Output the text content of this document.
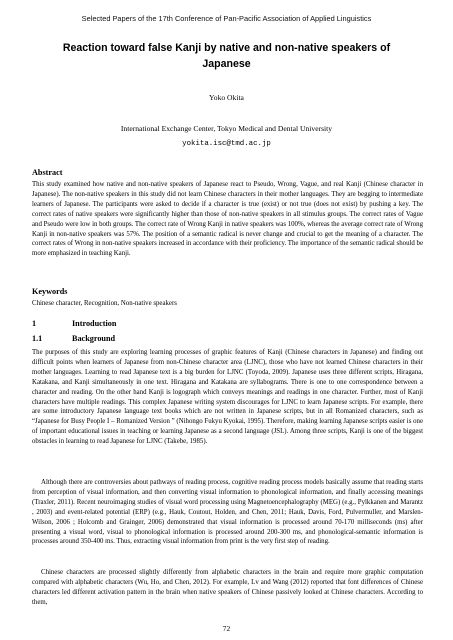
Selected Papers of the 17th Conference of Pan-Pacific Association of Applied Linguistics
Reaction toward false Kanji by native and non-native speakers of Japanese
Yoko Okita
International Exchange Center, Tokyo Medical and Dental University
yokita.isc@tmd.ac.jp
Abstract

This study examined how native and non-native speakers of Japanese react to Pseudo, Wrong, Vague, and real Kanji (Chinese character in Japanese). The non-native speakers in this study did not learn Chinese characters in their mother languages. They are begging to intermediate learners of Japanese. The participants were asked to decide if a character is true (exist) or not true (does not exist) by pushing a key. The correct rates of native speakers were significantly higher than those of non-native speakers in all stimulus groups. The correct rates of Vague and Pseudo were low in both groups. The correct rate of Wrong Kanji in native speakers was 100%, whereas the average correct rate of Wrong Kanji in non-native speakers was 57%. The position of a semantic radical is never change and crucial to get the meaning of a character. The correct rates of Wrong in non-native speakers increased in accordance with their proficiency. The importance of the semantic radical should be more emphasized in teaching Kanji.

Keywords

Chinese character, Recognition, Non-native speakers

1	Introduction
1.1	Background

The purposes of this study are exploring learning processes of graphic features of Kanji (Chinese characters in Japanese) and finding out difficult points when learners of Japanese from non-Chinese character area (LJNC), those who have not learned Chinese characters in their mother languages. Learning to read Japanese text is a big burden for LJNC (Toyoda, 2009). Japanese uses three different scripts, Hiragana, Katakana, and Kanji simultaneously in one text. Hiragana and Katakana are syllabograms. There is one to one correspondence between a character and reading. On the other hand Kanji is logograph which conveys meanings and readings in one character. Further, most of Kanji characters have multiple readings. This complex Japanese writing system discourages for LJNC to learn Japanese scripts. For example, there are some introductory Japanese language text books which are not written in Japanese scripts, but in all Romanized characters, such as “Japanese for Busy People I – Romanized Version ” (Nihongo Fukyu Kyokai, 1995). Therefore, making learning Japanese scripts easier is one of important educational issues in teaching or learning Japanese as a second language (JSL). Among three scripts, Kanji is one of the biggest obstacles in learning to read Japanese for LJNC (Takebe, 1985).

Although there are controversies about pathways of reading process, cognitive reading process models basically assume that reading starts from perception of visual information, and then converting visual information to phonological information, and finally accessing meanings (Traxler, 2011). Recent neuroimaging studies of visual word processing using Magnetoencephalography (MEG) (e.g., Pylkkanen and Marantz , 2003) and event-related potential (ERP) (e.g., Hauk, Coutout, Holden, and Chen, 2011; Hauk, Davis, Ford, Pulvermuller, and Marslen-Wilson, 2006 ; Holcomb and Grainger, 2006) demonstrated that visual information is processed around 70-170 milliseconds (ms) after presenting a visual word, visual to phonological information is processed around 200-300 ms, and phonological-semantic information is processes around 350-400 ms. Thus, extracting visual information from print is the very first step of reading.

Chinese characters are processed slightly differently from alphabetic characters in the brain and require more graphic computation compared with alphabetic characters (Wu, Ho, and Chen, 2012). For example, Lv and Wang (2012) reported that font differences of Chinese characters led different activation pattern in the brain when native speakers of Chinese passively looked at Chinese characters. According to them,

72
